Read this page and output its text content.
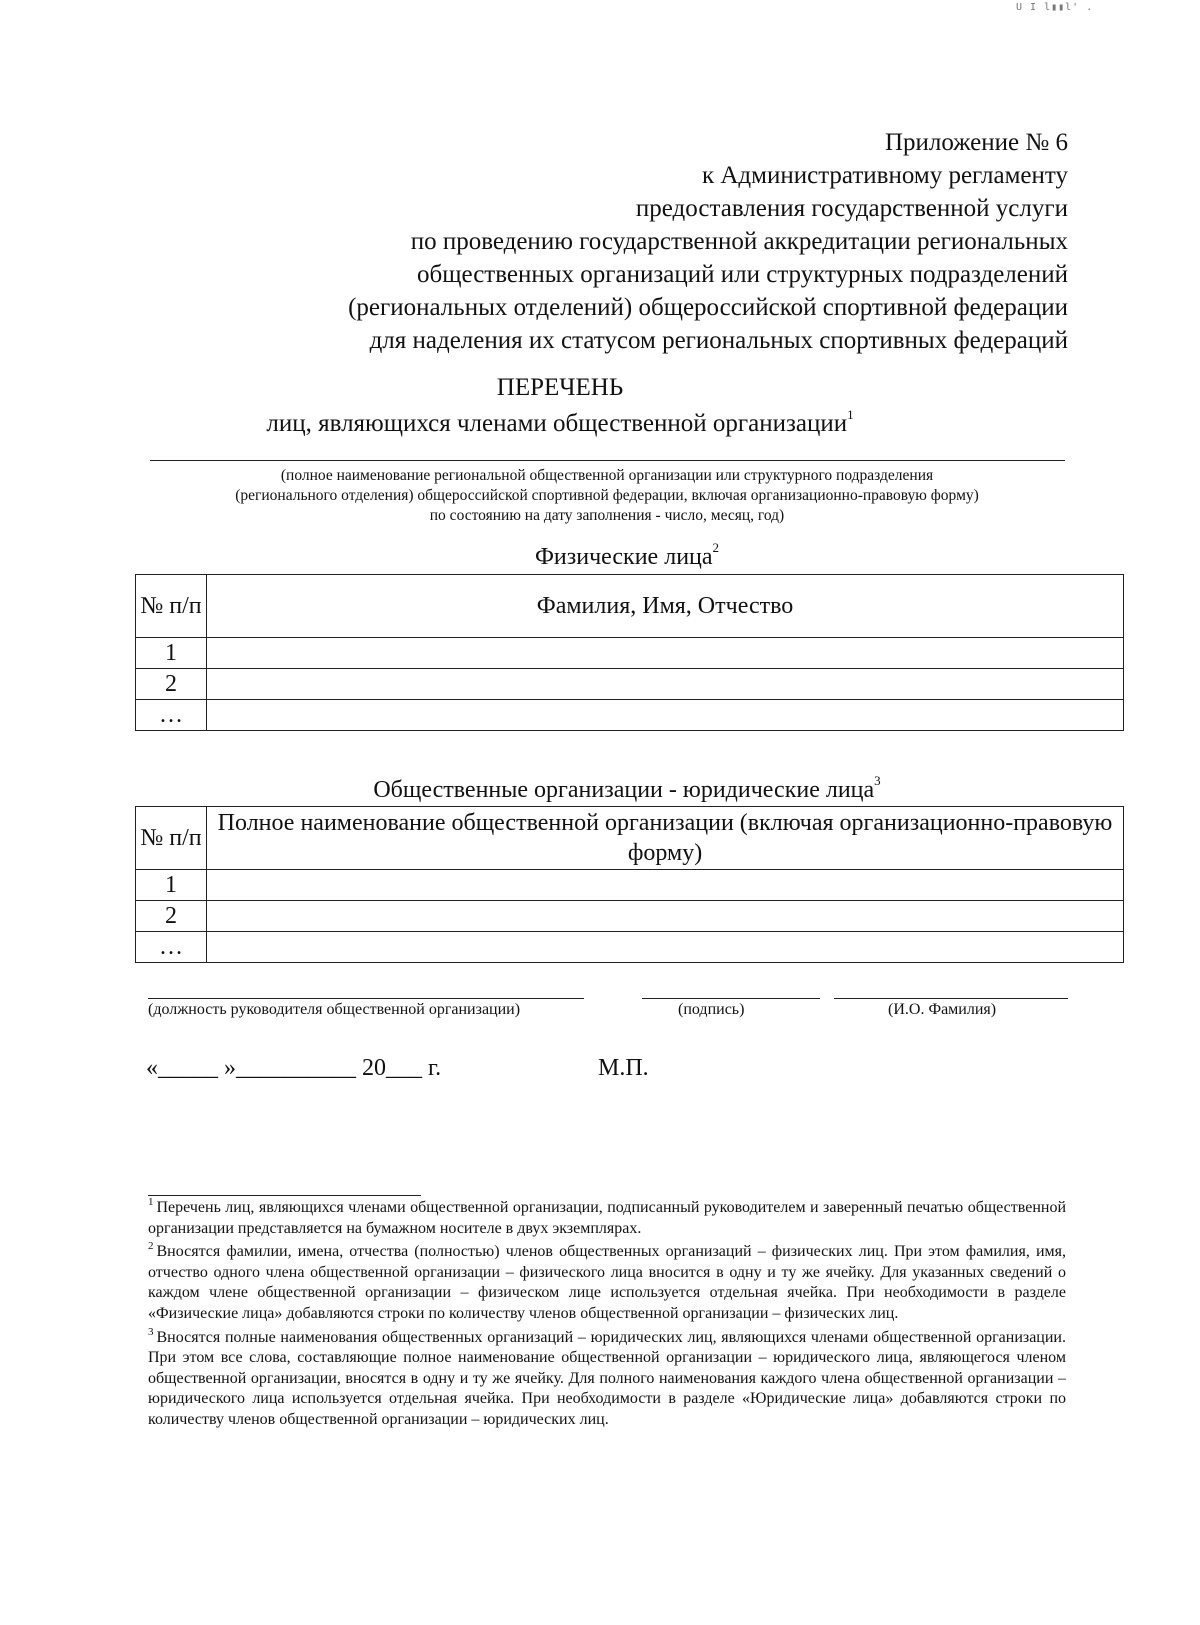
U I l▮▮l' .
Приложение № 6
к Административному регламенту
предоставления государственной услуги
по проведению государственной аккредитации региональных
общественных организаций или структурных подразделений
(региональных отделений) общероссийской спортивной федерации
для наделения их статусом региональных спортивных федераций
ПЕРЕЧЕНЬ
лиц, являющихся членами общественной организации$^1$
(полное наименование региональной общественной организации или структурного подразделения
(регионального отделения) общероссийской спортивной федерации, включая организационно-правовую форму)
по состоянию на дату заполнения - число, месяц, год)
Физические лица$^2$
№ п/п	Фамилия, Имя, Отчество
1	
2	
…	
Общественные организации - юридические лица$^3$
№ п/п	Полное наименование общественной организации (включая организационно-правовую форму)
1	
2	
…	
(должность руководителя общественной организации)	(подпись)	(И.О. Фамилия)
«_____ »__________ 20___ г.	М.П.

$^1$ Перечень лиц, являющихся членами общественной организации, подписанный руководителем и заверенный печатью общественной организации представляется на бумажном носителе в двух экземплярах.

$^2$ Вносятся фамилии, имена, отчества (полностью) членов общественных организаций – физических лиц. При этом фамилия, имя, отчество одного члена общественной организации – физического лица вносится в одну и ту же ячейку. Для указанных сведений о каждом члене общественной организации – физическом лице используется отдельная ячейка. При необходимости в разделе «Физические лица» добавляются строки по количеству членов общественной организации – физических лиц.

$^3$ Вносятся полные наименования общественных организаций – юридических лиц, являющихся членами общественной организации. При этом все слова, составляющие полное наименование общественной организации – юридического лица, являющегося членом общественной организации, вносятся в одну и ту же ячейку. Для полного наименования каждого члена общественной организации – юридического лица используется отдельная ячейка. При необходимости в разделе «Юридические лица» добавляются строки по количеству членов общественной организации – юридических лиц.
